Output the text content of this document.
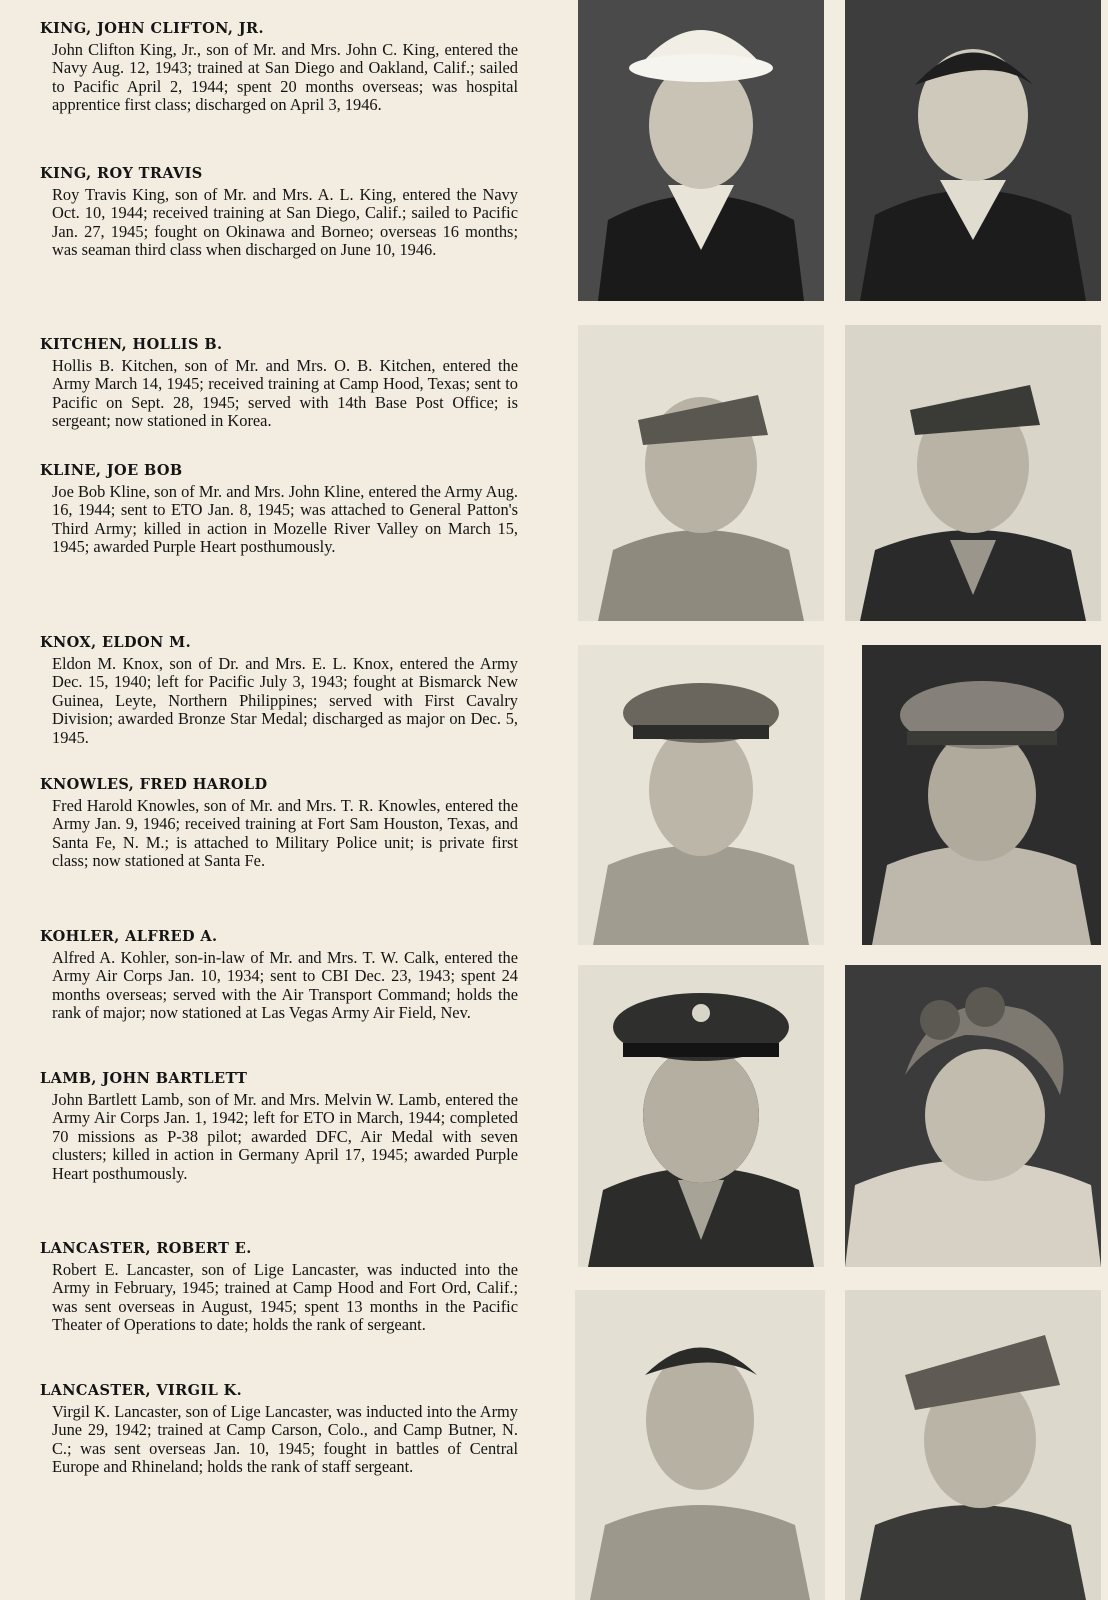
KING, JOHN CLIFTON, JR.
John Clifton King, Jr., son of Mr. and Mrs. John C. King, entered the Navy Aug. 12, 1943; trained at San Diego and Oakland, Calif.; sailed to Pacific April 2, 1944; spent 20 months overseas; was hospital apprentice first class; discharged on April 3, 1946.
KING, ROY TRAVIS
Roy Travis King, son of Mr. and Mrs. A. L. King, entered the Navy Oct. 10, 1944; received training at San Diego, Calif.; sailed to Pacific Jan. 27, 1945; fought on Okinawa and Borneo; overseas 16 months; was seaman third class when discharged on June 10, 1946.
KITCHEN, HOLLIS B.
Hollis B. Kitchen, son of Mr. and Mrs. O. B. Kitchen, entered the Army March 14, 1945; received training at Camp Hood, Texas; sent to Pacific on Sept. 28, 1945; served with 14th Base Post Office; is sergeant; now stationed in Korea.
KLINE, JOE BOB
Joe Bob Kline, son of Mr. and Mrs. John Kline, entered the Army Aug. 16, 1944; sent to ETO Jan. 8, 1945; was attached to General Patton's Third Army; killed in action in Mozelle River Valley on March 15, 1945; awarded Purple Heart posthumously.
KNOX, ELDON M.
Eldon M. Knox, son of Dr. and Mrs. E. L. Knox, entered the Army Dec. 15, 1940; left for Pacific July 3, 1943; fought at Bismarck New Guinea, Leyte, Northern Philippines; served with First Cavalry Division; awarded Bronze Star Medal; discharged as major on Dec. 5, 1945.
KNOWLES, FRED HAROLD
Fred Harold Knowles, son of Mr. and Mrs. T. R. Knowles, entered the Army Jan. 9, 1946; received training at Fort Sam Houston, Texas, and Santa Fe, N. M.; is attached to Military Police unit; is private first class; now stationed at Santa Fe.
KOHLER, ALFRED A.
Alfred A. Kohler, son-in-law of Mr. and Mrs. T. W. Calk, entered the Army Air Corps Jan. 10, 1934; sent to CBI Dec. 23, 1943; spent 24 months overseas; served with the Air Transport Command; holds the rank of major; now stationed at Las Vegas Army Air Field, Nev.
LAMB, JOHN BARTLETT
John Bartlett Lamb, son of Mr. and Mrs. Melvin W. Lamb, entered the Army Air Corps Jan. 1, 1942; left for ETO in March, 1944; completed 70 missions as P-38 pilot; awarded DFC, Air Medal with seven clusters; killed in action in Germany April 17, 1945; awarded Purple Heart posthumously.
LANCASTER, ROBERT E.
Robert E. Lancaster, son of Lige Lancaster, was inducted into the Army in February, 1945; trained at Camp Hood and Fort Ord, Calif.; was sent overseas in August, 1945; spent 13 months in the Pacific Theater of Operations to date; holds the rank of sergeant.
LANCASTER, VIRGIL K.
Virgil K. Lancaster, son of Lige Lancaster, was inducted into the Army June 29, 1942; trained at Camp Carson, Colo., and Camp Butner, N. C.; was sent overseas Jan. 10, 1945; fought in battles of Central Europe and Rhineland; holds the rank of staff sergeant.
